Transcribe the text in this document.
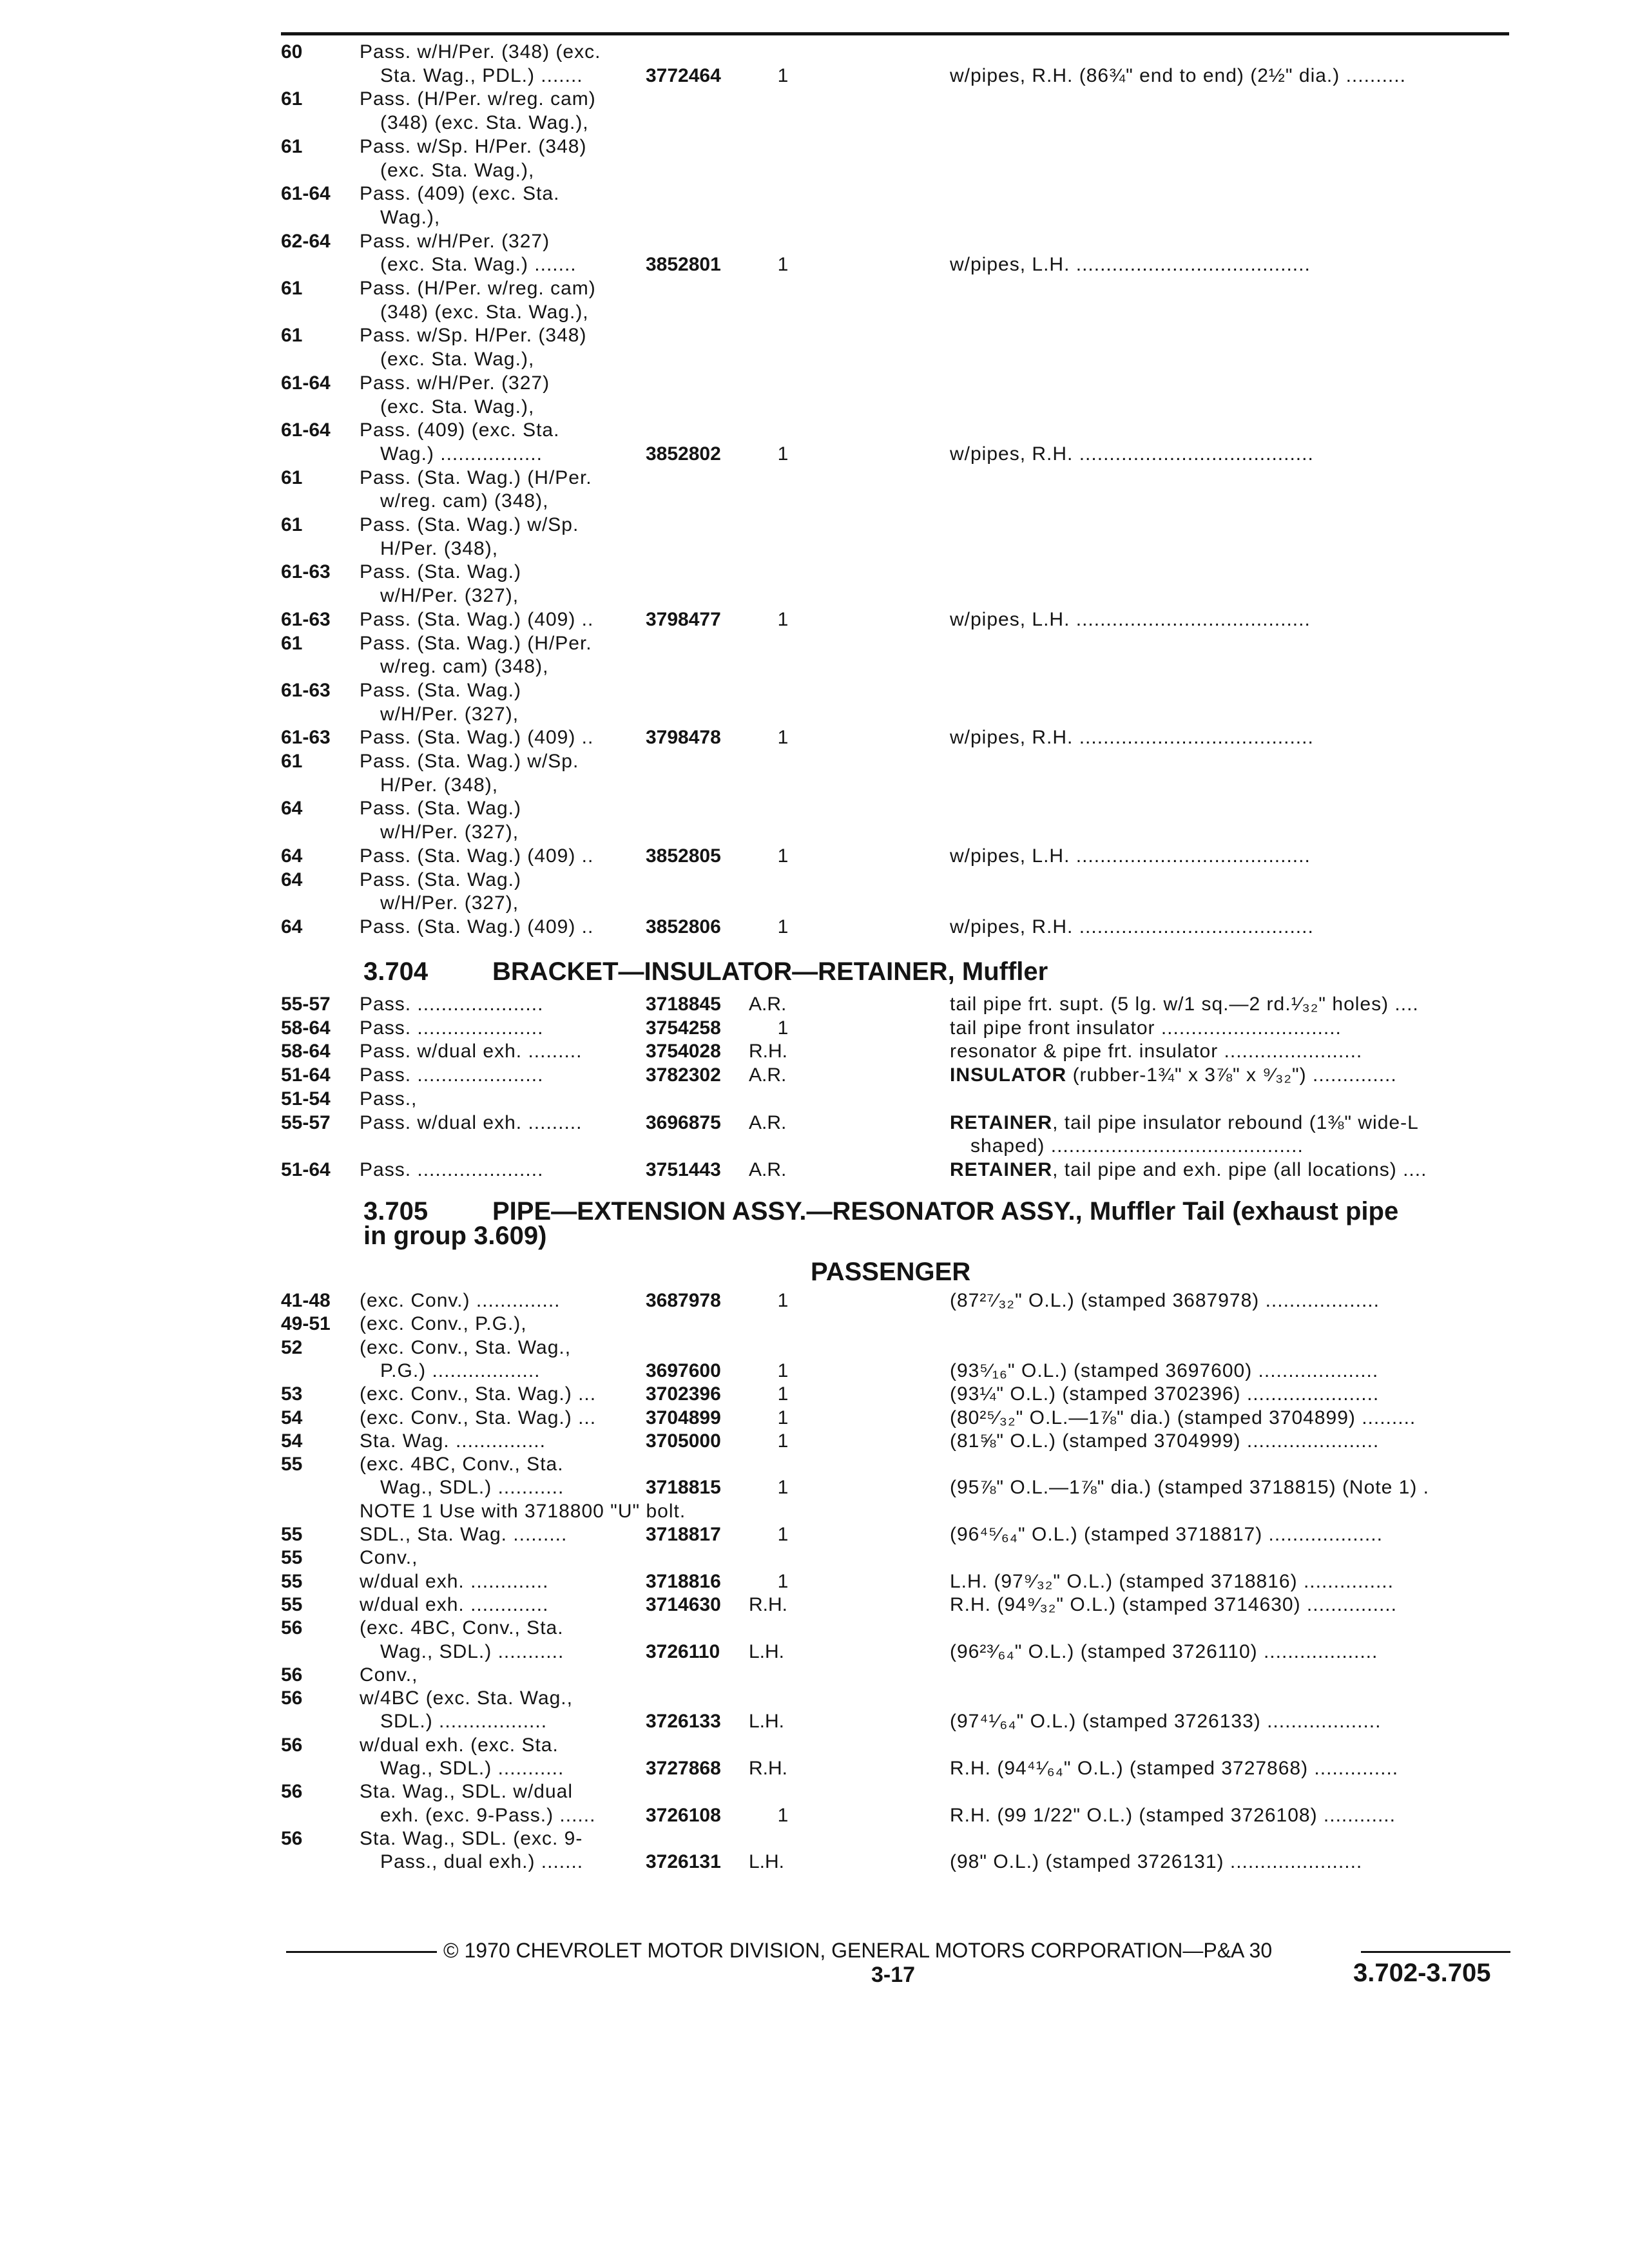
60	Pass. w/H/Per. (348) (exc.
Sta. Wag., PDL.) .......	3772464	1	w/pipes, R.H. (86¾" end to end) (2½" dia.) ..........
61	Pass. (H/Per. w/reg. cam)
(348) (exc. Sta. Wag.),
61	Pass. w/Sp. H/Per. (348)
(exc. Sta. Wag.),
61-64 Pass. (409) (exc. Sta.
Wag.),
62-64 Pass. w/H/Per. (327)
(exc. Sta. Wag.) .......	3852801	1	w/pipes, L.H. .......................................
61	Pass. (H/Per. w/reg. cam)
(348) (exc. Sta. Wag.),
61	Pass. w/Sp. H/Per. (348)
(exc. Sta. Wag.),
61-64 Pass. w/H/Per. (327)
(exc. Sta. Wag.),
61-64 Pass. (409) (exc. Sta.
Wag.) .................	3852802	1	w/pipes, R.H. .......................................
61	Pass. (Sta. Wag.) (H/Per.
w/reg. cam) (348),
61	Pass. (Sta. Wag.) w/Sp.
H/Per. (348),
61-63 Pass. (Sta. Wag.)
w/H/Per. (327),
61-63 Pass. (Sta. Wag.) (409) ..	3798477	1	w/pipes, L.H. .......................................
61	Pass. (Sta. Wag.) (H/Per.
w/reg. cam) (348),
61-63 Pass. (Sta. Wag.)
w/H/Per. (327),
61-63 Pass. (Sta. Wag.) (409) ..	3798478	1	w/pipes, R.H. .......................................
61	Pass. (Sta. Wag.) w/Sp.
H/Per. (348),
64	Pass. (Sta. Wag.)
w/H/Per. (327),
64	Pass. (Sta. Wag.) (409) ..	3852805	1	w/pipes, L.H. .......................................
64	Pass. (Sta. Wag.)
w/H/Per. (327),
64	Pass. (Sta. Wag.) (409) ..	3852806	1	w/pipes, R.H. .......................................
3.704 BRACKET—INSULATOR—RETAINER, Muffler
55-57 Pass. .....................	3718845 A.R.	tail pipe frt. supt. (5 lg. w/1 sq.—2 rd.¹⁄₃₂" holes) ....
58-64 Pass. .....................	3754258	1	tail pipe front insulator ..............................
58-64 Pass. w/dual exh. .........	3754028 R.H.	resonator & pipe frt. insulator .......................
51-64 Pass. .....................	3782302 A.R.	INSULATOR (rubber-1¾" x 3⅞" x ⁹⁄₃₂") ..............
51-54 Pass.,
55-57 Pass. w/dual exh. .........	3696875 A.R.	RETAINER, tail pipe insulator rebound (1⅜" wide-L
shaped) ..........................................
51-64 Pass. .....................	3751443 A.R.	RETAINER, tail pipe and exh. pipe (all locations) ....
3.705 PIPE—EXTENSION ASSY.—RESONATOR ASSY., Muffler Tail (exhaust pipe
in group 3.609)
PASSENGER
41-48 (exc. Conv.) ..............	3687978	1	(87²⁷⁄₃₂" O.L.) (stamped 3687978) ...................
49-51 (exc. Conv., P.G.),
52	(exc. Conv., Sta. Wag.,
P.G.) ..................	3697600	1	(93⁵⁄₁₆" O.L.) (stamped 3697600) ....................
53	(exc. Conv., Sta. Wag.) ...	3702396	1	(93¼" O.L.) (stamped 3702396) ......................
54	(exc. Conv., Sta. Wag.) ...	3704899	1	(80²⁵⁄₃₂" O.L.—1⅞" dia.) (stamped 3704899) .........
54	Sta. Wag. ...............	3705000	1	(81⅝" O.L.) (stamped 3704999) ......................
55	(exc. 4BC, Conv., Sta.
Wag., SDL.) ...........	3718815	1	(95⅞" O.L.—1⅞" dia.) (stamped 3718815) (Note 1) .
NOTE 1 Use with 3718800 "U" bolt.
55	SDL., Sta. Wag. .........	3718817	1	(96⁴⁵⁄₆₄" O.L.) (stamped 3718817) ...................
55	Conv.,
55	w/dual exh. .............	3718816	1	L.H. (97⁹⁄₃₂" O.L.) (stamped 3718816) ...............
55	w/dual exh. .............	3714630 R.H.	R.H. (94⁹⁄₃₂" O.L.) (stamped 3714630) ...............
56	(exc. 4BC, Conv., Sta.
Wag., SDL.) ...........	3726110 L.H.	(96²³⁄₆₄" O.L.) (stamped 3726110) ...................
56	Conv.,
56	w/4BC (exc. Sta. Wag.,
SDL.) ..................	3726133 L.H.	(97⁴¹⁄₆₄" O.L.) (stamped 3726133) ...................
56	w/dual exh. (exc. Sta.
Wag., SDL.) ...........	3727868 R.H.	R.H. (94⁴¹⁄₆₄" O.L.) (stamped 3727868) ..............
56	Sta. Wag., SDL. w/dual
exh. (exc. 9-Pass.) ......	3726108	1	R.H. (99 1/22" O.L.) (stamped 3726108) ............
56	Sta. Wag., SDL. (exc. 9-
Pass., dual exh.) .......	3726131 L.H.	(98" O.L.) (stamped 3726131) ......................
© 1970 CHEVROLET MOTOR DIVISION, GENERAL MOTORS CORPORATION—P&A 30
3-17	3.702-3.705
